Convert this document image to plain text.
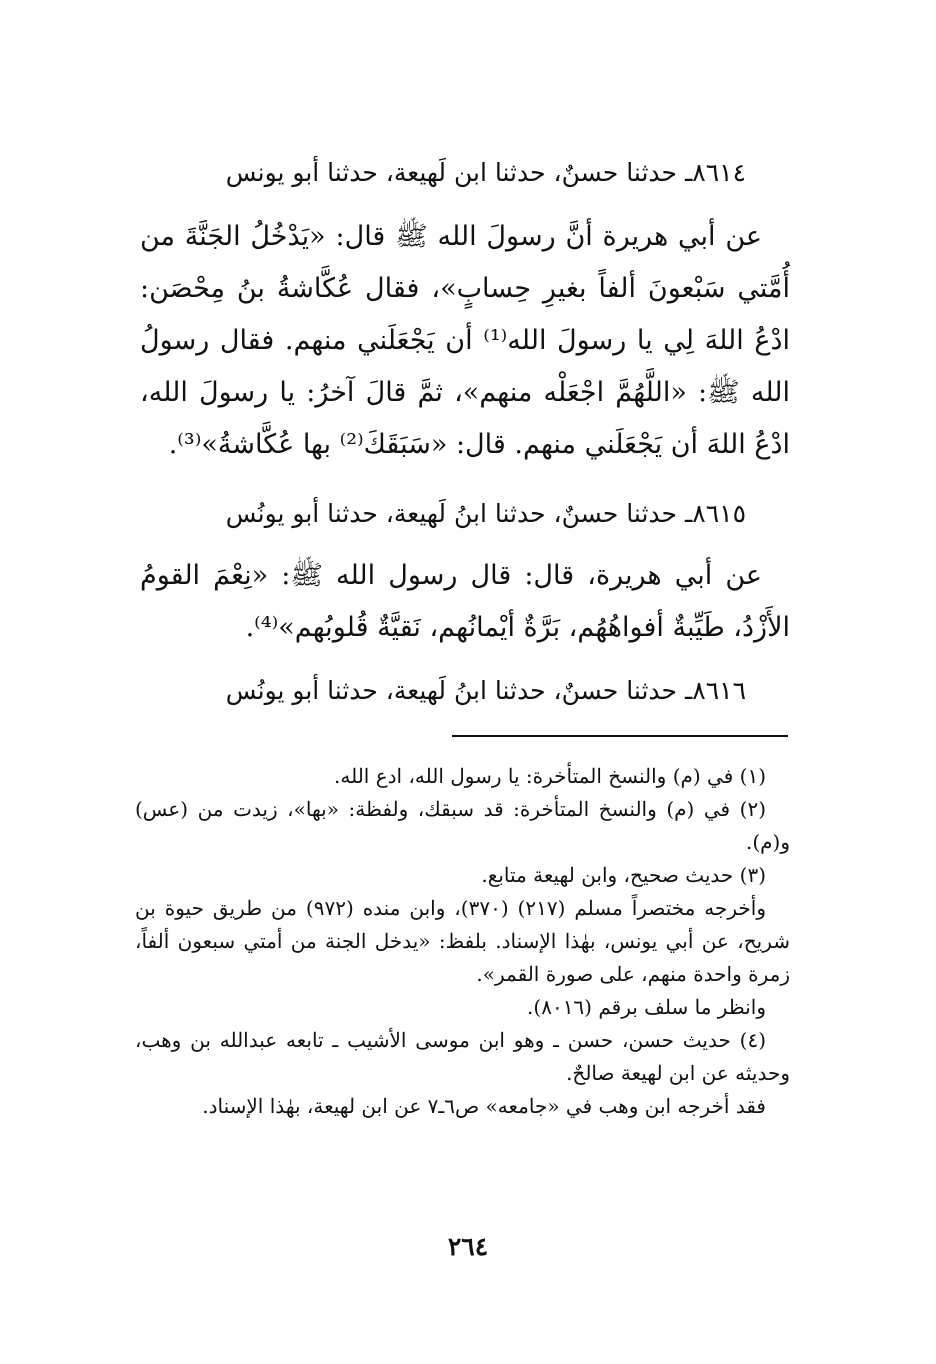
٨٦١٤ـ حدثنا حسنٌ، حدثنا ابن لَهيعة، حدثنا أبو يونس

عن أبي هريرة أنَّ رسولَ الله ﷺ قال: «يَدْخُلُ الجَنَّةَ من أُمَّتي سَبْعونَ ألفاً بغيرِ حِسابٍ»، فقال عُكَّاشةُ بنُ مِحْصَن: ادْعُ اللهَ لِي يا رسولَ الله⁽¹⁾ أن يَجْعَلَني منهم. فقال رسولُ الله ﷺ: «اللَّهُمَّ اجْعَلْه منهم»، ثمَّ قالَ آخرُ: يا رسولَ الله، ادْعُ اللهَ أن يَجْعَلَني منهم. قال: «سَبَقَكَ⁽²⁾ بها عُكَّاشةُ»⁽³⁾.

٨٦١٥ـ حدثنا حسنٌ، حدثنا ابنُ لَهيعة، حدثنا أبو يونُس

عن أبي هريرة، قال: قال رسول الله ﷺ: «نِعْمَ القومُ الأَزْدُ، طَيِّبةٌ أفواهُهُم، بَرَّةٌ أيْمانُهم، نَقيَّةٌ قُلوبُهم»⁽⁴⁾.

٨٦١٦ـ حدثنا حسنٌ، حدثنا ابنُ لَهيعة، حدثنا أبو يونُس

(١) في (م) والنسخ المتأخرة: يا رسول الله، ادع الله.

(٢) في (م) والنسخ المتأخرة: قد سبقك، ولفظة: «بها»، زيدت من (عس) و(م).

(٣) حديث صحيح، وابن لهيعة متابع.

وأخرجه مختصراً مسلم (٢١٧) (٣٧٠)، وابن منده (٩٧٢) من طريق حيوة بن شريح، عن أبي يونس، بهٰذا الإسناد. بلفظ: «يدخل الجنة من أمتي سبعون ألفاً، زمرة واحدة منهم، على صورة القمر».

وانظر ما سلف برقم (٨٠١٦).

(٤) حديث حسن، حسن ـ وهو ابن موسى الأشيب ـ تابعه عبدالله بن وهب، وحديثه عن ابن لهيعة صالحٌ.

فقد أخرجه ابن وهب في «جامعه» ص٦ـ٧ عن ابن لهيعة، بهٰذا الإسناد.

٢٦٤
